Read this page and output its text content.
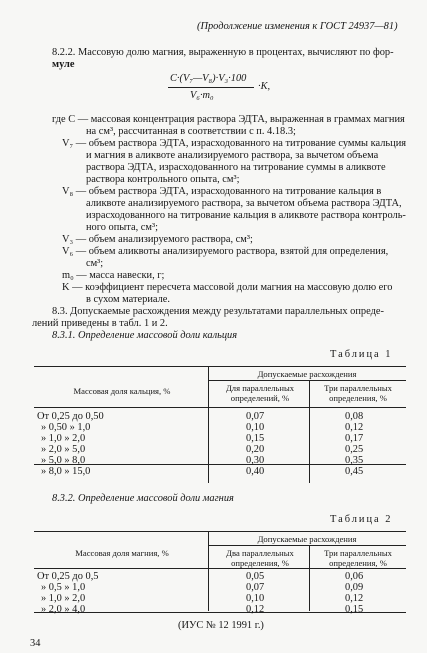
(Продолжение изменения к ГОСТ 24937—81)
8.2.2. Массовую долю магния, выраженную в процентах, вычисляют по фор-
муле
C·(V₇—V₈)·V₃·100
V₆·m₀
·K,
где C — массовая концентрация раствора ЭДТА, выраженная в граммах магния
на см³, рассчитанная в соответствии с п. 4.18.3;
V₇ — объем раствора ЭДТА, израсходованного на титрование суммы кальция
и магния в аликвоте анализируемого раствора, за вычетом объема
раствора ЭДТА, израсходованного на титрование суммы в аликвоте
раствора контрольного опыта, см³;
V₈ — объем раствора ЭДТА, израсходованного на титрование кальция в
аликвоте анализируемого раствора, за вычетом объема раствора ЭДТА,
израсходованного на титрование кальция в аликвоте раствора контроль-
ного опыта, см³;
V₃ — объем анализируемого раствора, см³;
V₆ — объем аликвоты анализируемого раствора, взятой для определения,
см³;
m₀ — масса навески, г;
K — коэффициент пересчета массовой доли магния на массовую долю его
в сухом материале.
8.3. Допускаемые расхождения между результатами параллельных опреде-
лений приведены в табл. 1 и 2.
8.3.1. Определение массовой доли кальция
Таблица 1
Массовая доля кальция, %
Допускаемые расхождения
Для параллельных определений, %
Три параллельных определения, %
От 0,25 до 0,50
» 0,50 » 1,0
» 1,0 » 2,0
» 2,0 » 5,0
» 5,0 » 8,0
» 8,0 » 15,0
0,07
0,10
0,15
0,20
0,30
0,40
0,08
0,12
0,17
0,25
0,35
0,45
8.3.2. Определение массовой доли магния
Таблица 2
Массовая доля магния, %
Допускаемые расхождения
Два параллельных определения, %
Три параллельных определения, %
От 0,25 до 0,5
» 0,5 » 1,0
» 1,0 » 2,0
» 2,0 » 4,0
0,05
0,07
0,10
0,12
0,06
0,09
0,12
0,15
(ИУС № 12 1991 г.)
34
